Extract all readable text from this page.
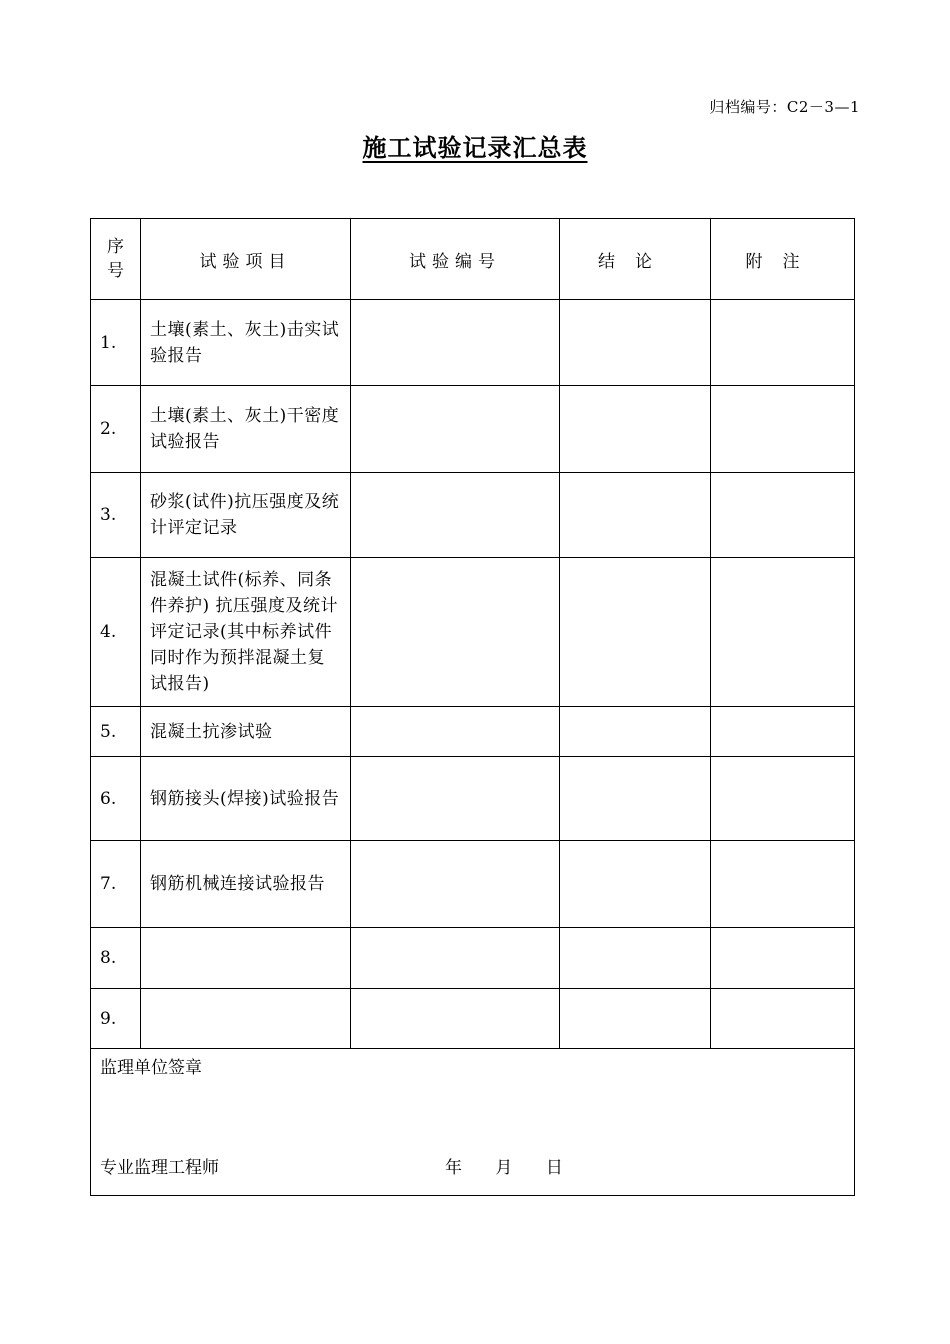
归档编号：C2－3—1
施工试验记录汇总表
序
号	试验项目	试验编号	结论	附注
1.	土壤(素土、灰土)击实试验报告			
2.	土壤(素土、灰土)干密度试验报告			
3.	砂浆(试件)抗压强度及统计评定记录			
4.	混凝土试件(标养、同条件养护) 抗压强度及统计评定记录(其中标养试件同时作为预拌混凝土复试报告)			
5.	混凝土抗渗试验			
6.	钢筋接头(焊接)试验报告			
7.	钢筋机械连接试验报告			
8.				
9.				

监理单位签章
专业监理工程师 年 月 日				
